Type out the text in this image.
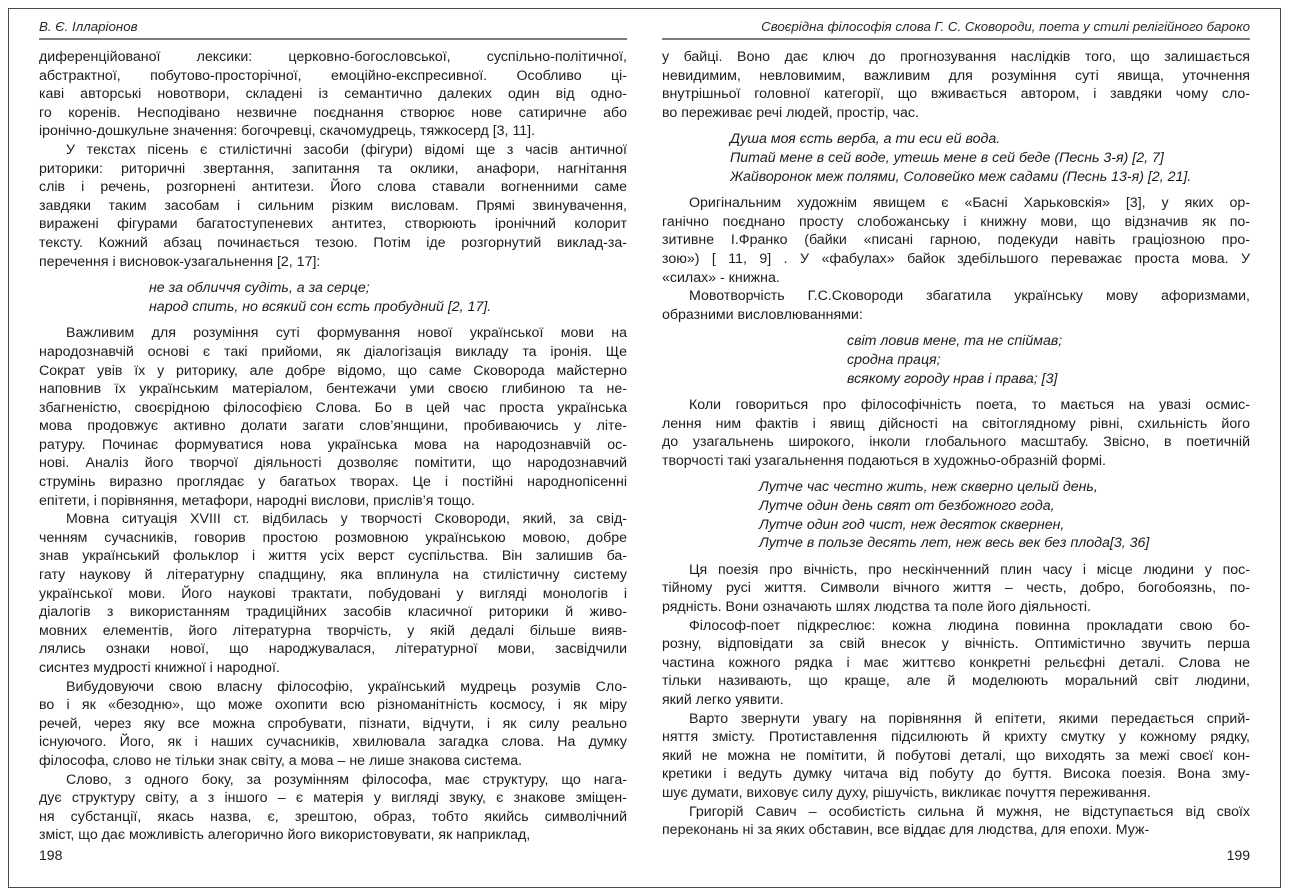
В. Є. Ілларіонов
диференційованої лексики: церковно-богословської, суспільно-політичної,
абстрактної, побутово-просторічної, емоційно-експресивної. Особливо ці-
каві авторські новотвори, складені із семантично далеких один від одно-
го коренів. Несподівано незвичне поєднання створює нове сатиричне або
іронічно-дошкульне значення: богочревці, скачомудрець, тяжкосерд [3, 11].
У текстах пісень є стилістичні засоби (фігури) відомі ще з часів античної
риторики: риторичні звертання, запитання та оклики, анафори, нагнітання
слів і речень, розгорнені антитези. Його слова ставали вогненними саме
завдяки таким засобам і сильним різким висловам. Прямі звинувачення,
виражені фігурами багатоступеневих антитез, створюють іронічний колорит
тексту. Кожний абзац починається тезою. Потім іде розгорнутий виклад-за-
перечення і висновок-узагальнення [2, 17]:
не за обличчя судіть, а за серце;
народ спить, но всякий сон єсть пробудний [2, 17].
Важливим для розуміння суті формування нової української мови на
народознавчій основі є такі прийоми, як діалогізація викладу та іронія. Ще
Сократ увів їх у риторику, але добре відомо, що саме Сковорода майстерно
наповнив їх українським матеріалом, бентежачи уми своєю глибиною та не-
збагненістю, своєрідною філософією Слова. Бо в цей час проста українська
мова продовжує активно долати загати слов’янщини, пробиваючись у літе-
ратуру. Починає формуватися нова українська мова на народознавчій ос-
нові. Аналіз його творчої діяльності дозволяє помітити, що народознавчий
струмінь виразно проглядає у багатьох творах. Це і постійні народнопісенні
епітети, і порівняння, метафори, народні вислови, прислів’я тощо.
Мовна ситуація XVIII ст. відбилась у творчості Сковороди, який, за свід-
ченням сучасників, говорив простою розмовною українською мовою, добре
знав український фольклор і життя усіх верст суспільства. Він залишив ба-
гату наукову й літературну спадщину, яка вплинула на стилістичну систему
української мови. Його наукові трактати, побудовані у вигляді монологів і
діалогів з використанням традиційних засобів класичної риторики й живо-
мовних елементів, його літературна творчість, у якій дедалі більше вияв-
лялись ознаки нової, що народжувалася, літературної мови, засвідчили
сиснтез мудрості книжної і народної.
Вибудовуючи свою власну філософію, український мудрець розумів Сло-
во і як «безодню», що може охопити всю різноманітність космосу, і як міру
речей, через яку все можна спробувати, пізнати, відчути, і як силу реально
існуючого. Його, як і наших сучасників, хвилювала загадка слова. На думку
філософа, слово не тільки знак світу, а мова – не лише знакова система.
Слово, з одного боку, за розумінням філософа, має структуру, що нага-
дує структуру світу, а з іншого – є матерія у вигляді звуку, є знакове зміщен-
ня субстанції, якась назва, є, зрештою, образ, тобто якийсь символічний
зміст, що дає можливість алегорично його використовувати, як наприклад,
198
Своєрідна філософія слова Г. С. Сковороди, поета у стилі релігійного бароко
у байці. Воно дає ключ до прогнозування наслідків того, що залишається
невидимим, невловимим, важливим для розуміння суті явища, уточнення
внутрішньої головної категорії, що вживається автором, і завдяки чому сло-
во переживає речі людей, простір, час.
Душа моя єсть верба, а ти еси ей вода.
Питай мене в сей воде, утешь мене в сей беде (Песнь 3-я) [2, 7]
Жайворонок меж полями, Соловейко меж садами (Песнь 13-я) [2, 21].
Оригінальним художнім явищем є «Басні Харьковскія» [3], у яких ор-
ганічно поєднано просту слобожанську і книжну мови, що відзначив як по-
зитивне І.Франко (байки «писані гарною, подекуди навіть граціозною про-
зою») [ 11, 9] . У «фабулах» байок здебільшого переважає проста мова. У
«силах» - книжна.
Мовотворчість Г.С.Сковороди збагатила українську мову афоризмами,
образними висловлюваннями:
світ ловив мене, та не спіймав;
сродна праця;
всякому городу нрав і права; [3]
Коли говориться про філософічність поета, то мається на увазі осмис-
лення ним фактів і явищ дійсності на світоглядному рівні, схильність його
до узагальнень широкого, інколи глобального масштабу. Звісно, в поетичній
творчості такі узагальнення подаються в художньо-образній формі.
Лутче час честно жить, неж скверно целый день,
Лутче один день свят от безбожного года,
Лутче один год чист, неж десяток сквернен,
Лутче в пользе десять лет, неж весь век без плода[3, 36]
Ця поезія про вічність, про нескінченний плин часу і місце людини у пос-
тійному русі життя. Символи вічного життя – честь, добро, богобоязнь, по-
рядність. Вони означають шлях людства та поле його діяльності.
Філософ-поет підкреслює: кожна людина повинна прокладати свою бо-
розну, відповідати за свій внесок у вічність. Оптимістично звучить перша
частина кожного рядка і має життєво конкретні рельєфні деталі. Слова не
тільки називають, що краще, але й моделюють моральний світ людини,
який легко уявити.
Варто звернути увагу на порівняння й епітети, якими передається сприй-
няття змісту. Протиставлення підсилюють й крихту смутку у кожному рядку,
який не можна не помітити, й побутові деталі, що виходять за межі своєї кон-
кретики і ведуть думку читача від побуту до буття. Висока поезія. Вона зму-
шує думати, виховує силу духу, рішучість, викликає почуття переживання.
Григорій Савич – особистість сильна й мужня, не відступається від своїх
переконань ні за яких обставин, все віддає для людства, для епохи. Муж-
199
